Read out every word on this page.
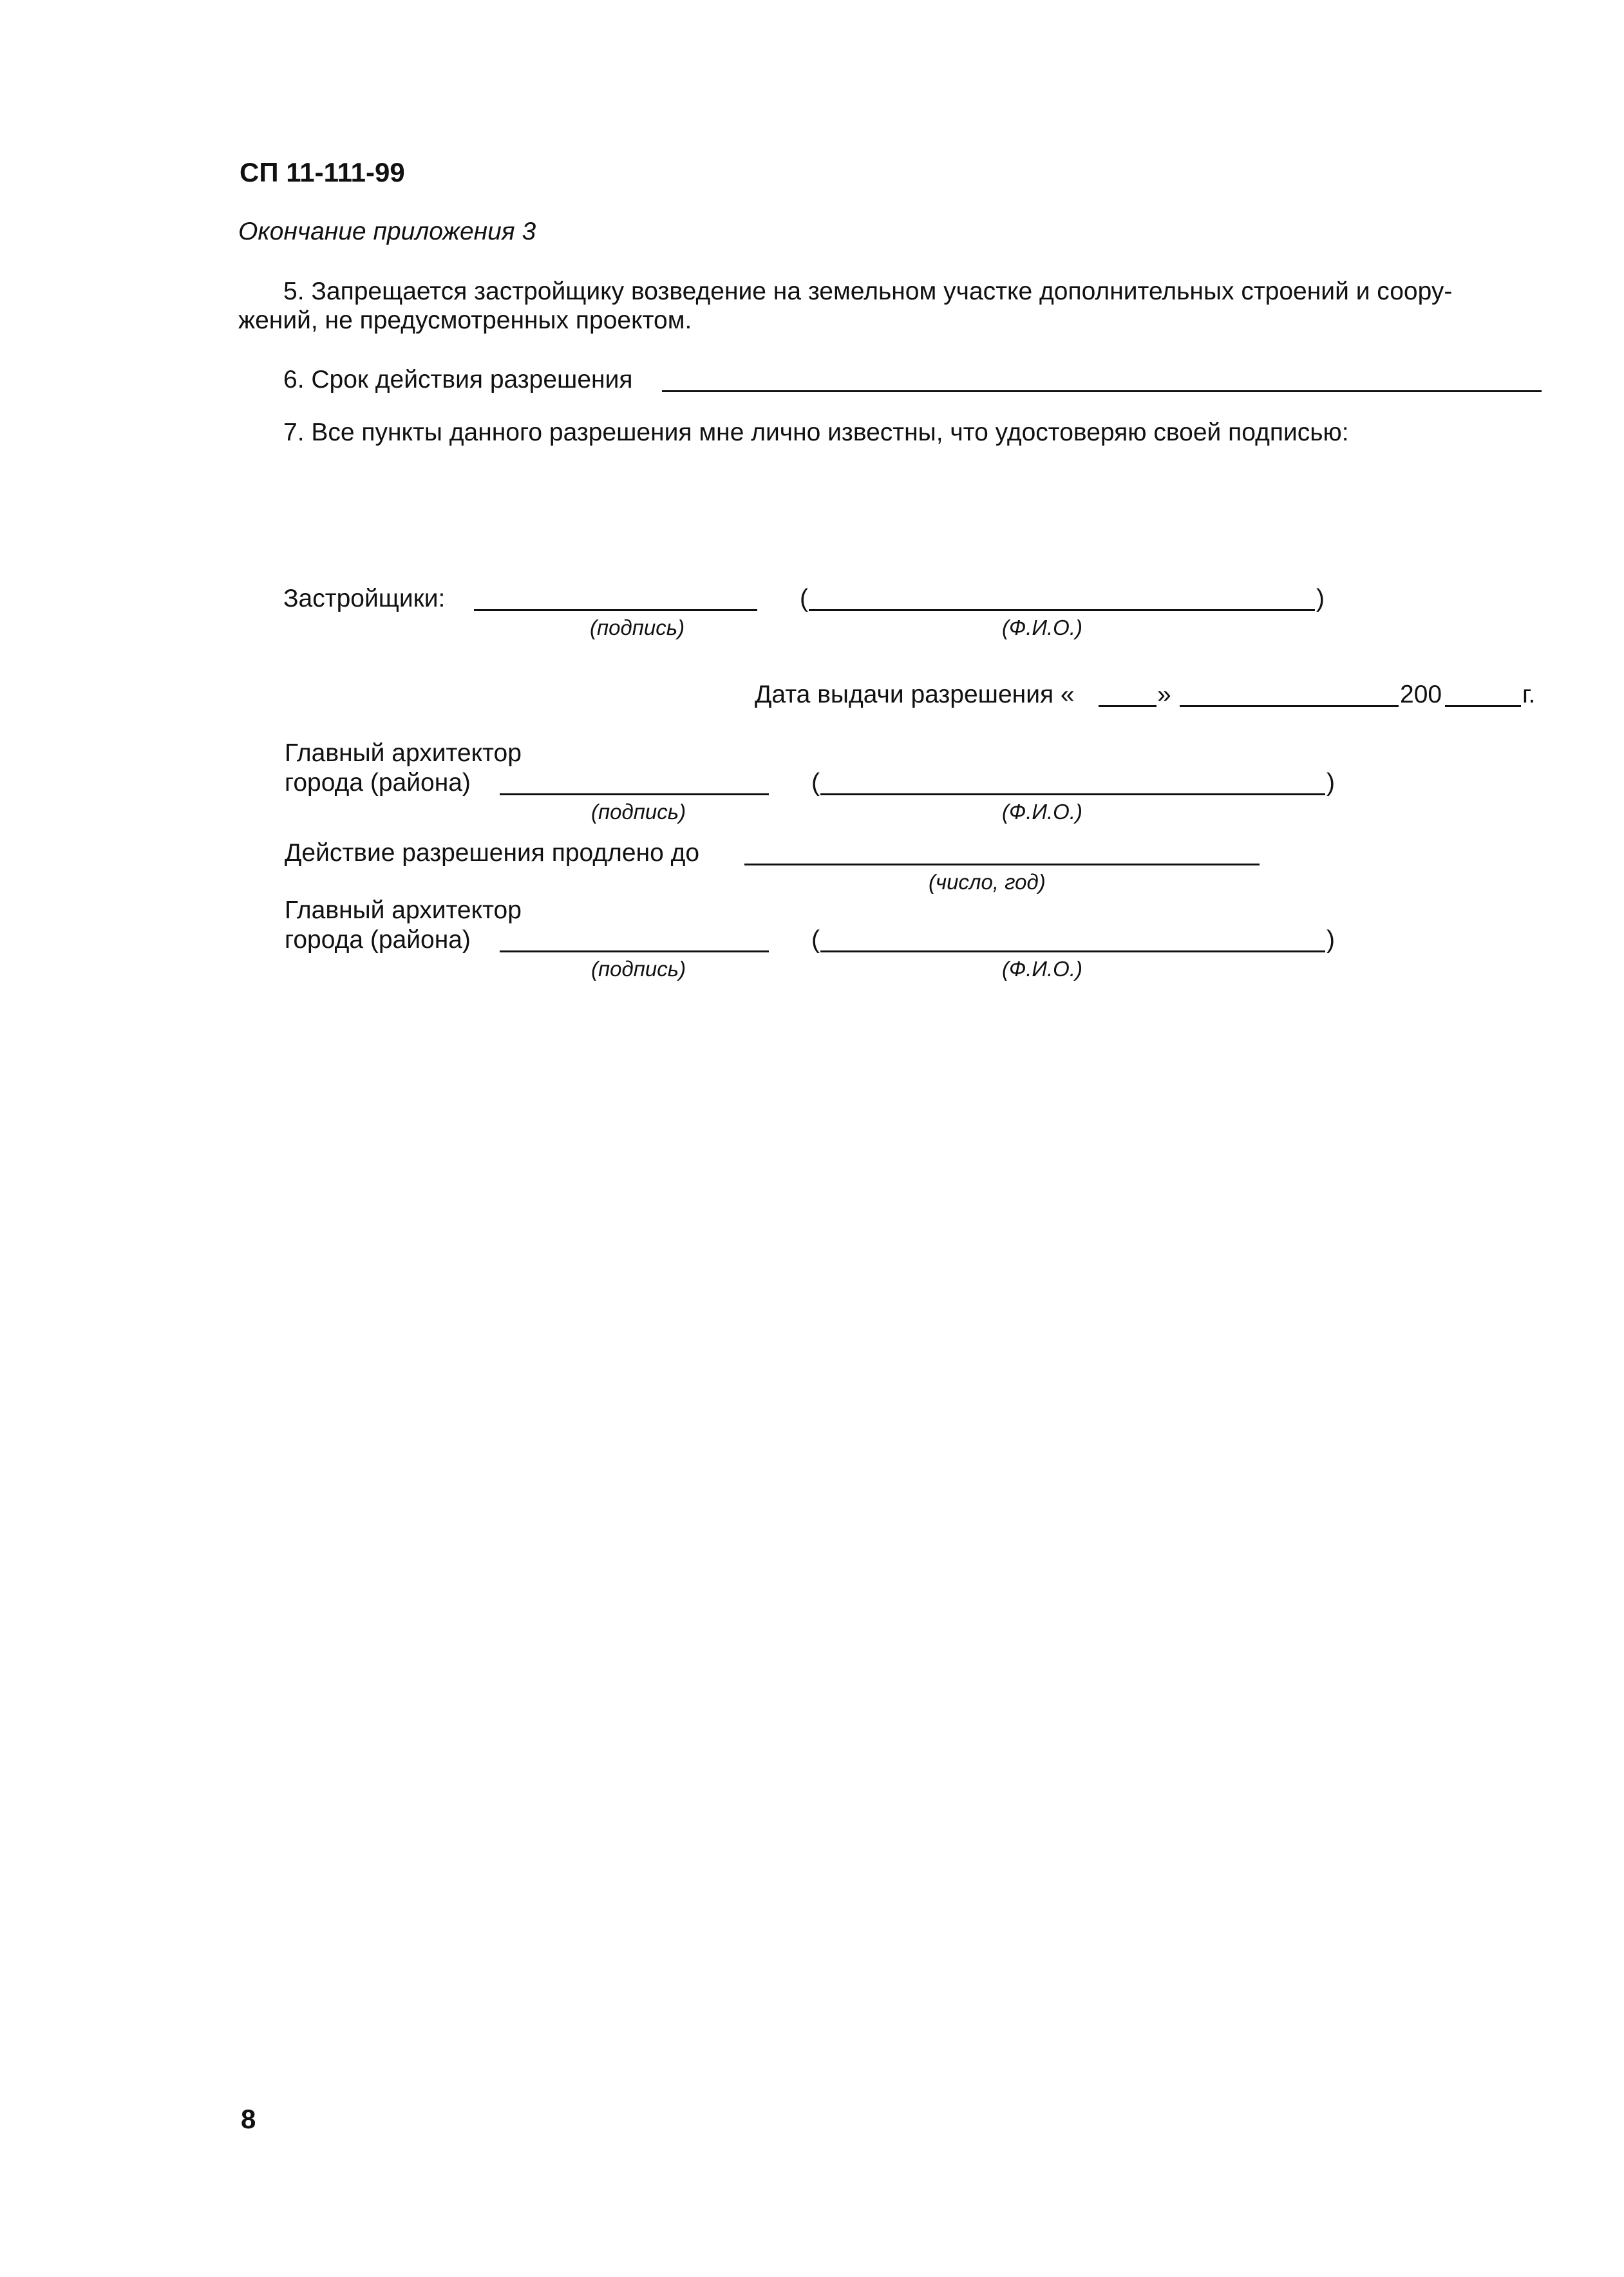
СП 11-111-99
Окончание приложения 3
5. Запрещается застройщику возведение на земельном участке дополнительных строений и соору-
жений, не предусмотренных проектом.
6. Срок действия разрешения
7. Все пункты данного разрешения мне лично известны, что удостоверяю своей подписью:
Застройщики:	(	)
(подпись)	(Ф.И.О.)
Дата выдачи разрешения «	»	200	г.
Главный архитектор
города (района)	(	)
(подпись)	(Ф.И.О.)
Действие разрешения продлено до
(число, год)
Главный архитектор
города (района)	(	)
(подпись)	(Ф.И.О.)
8
